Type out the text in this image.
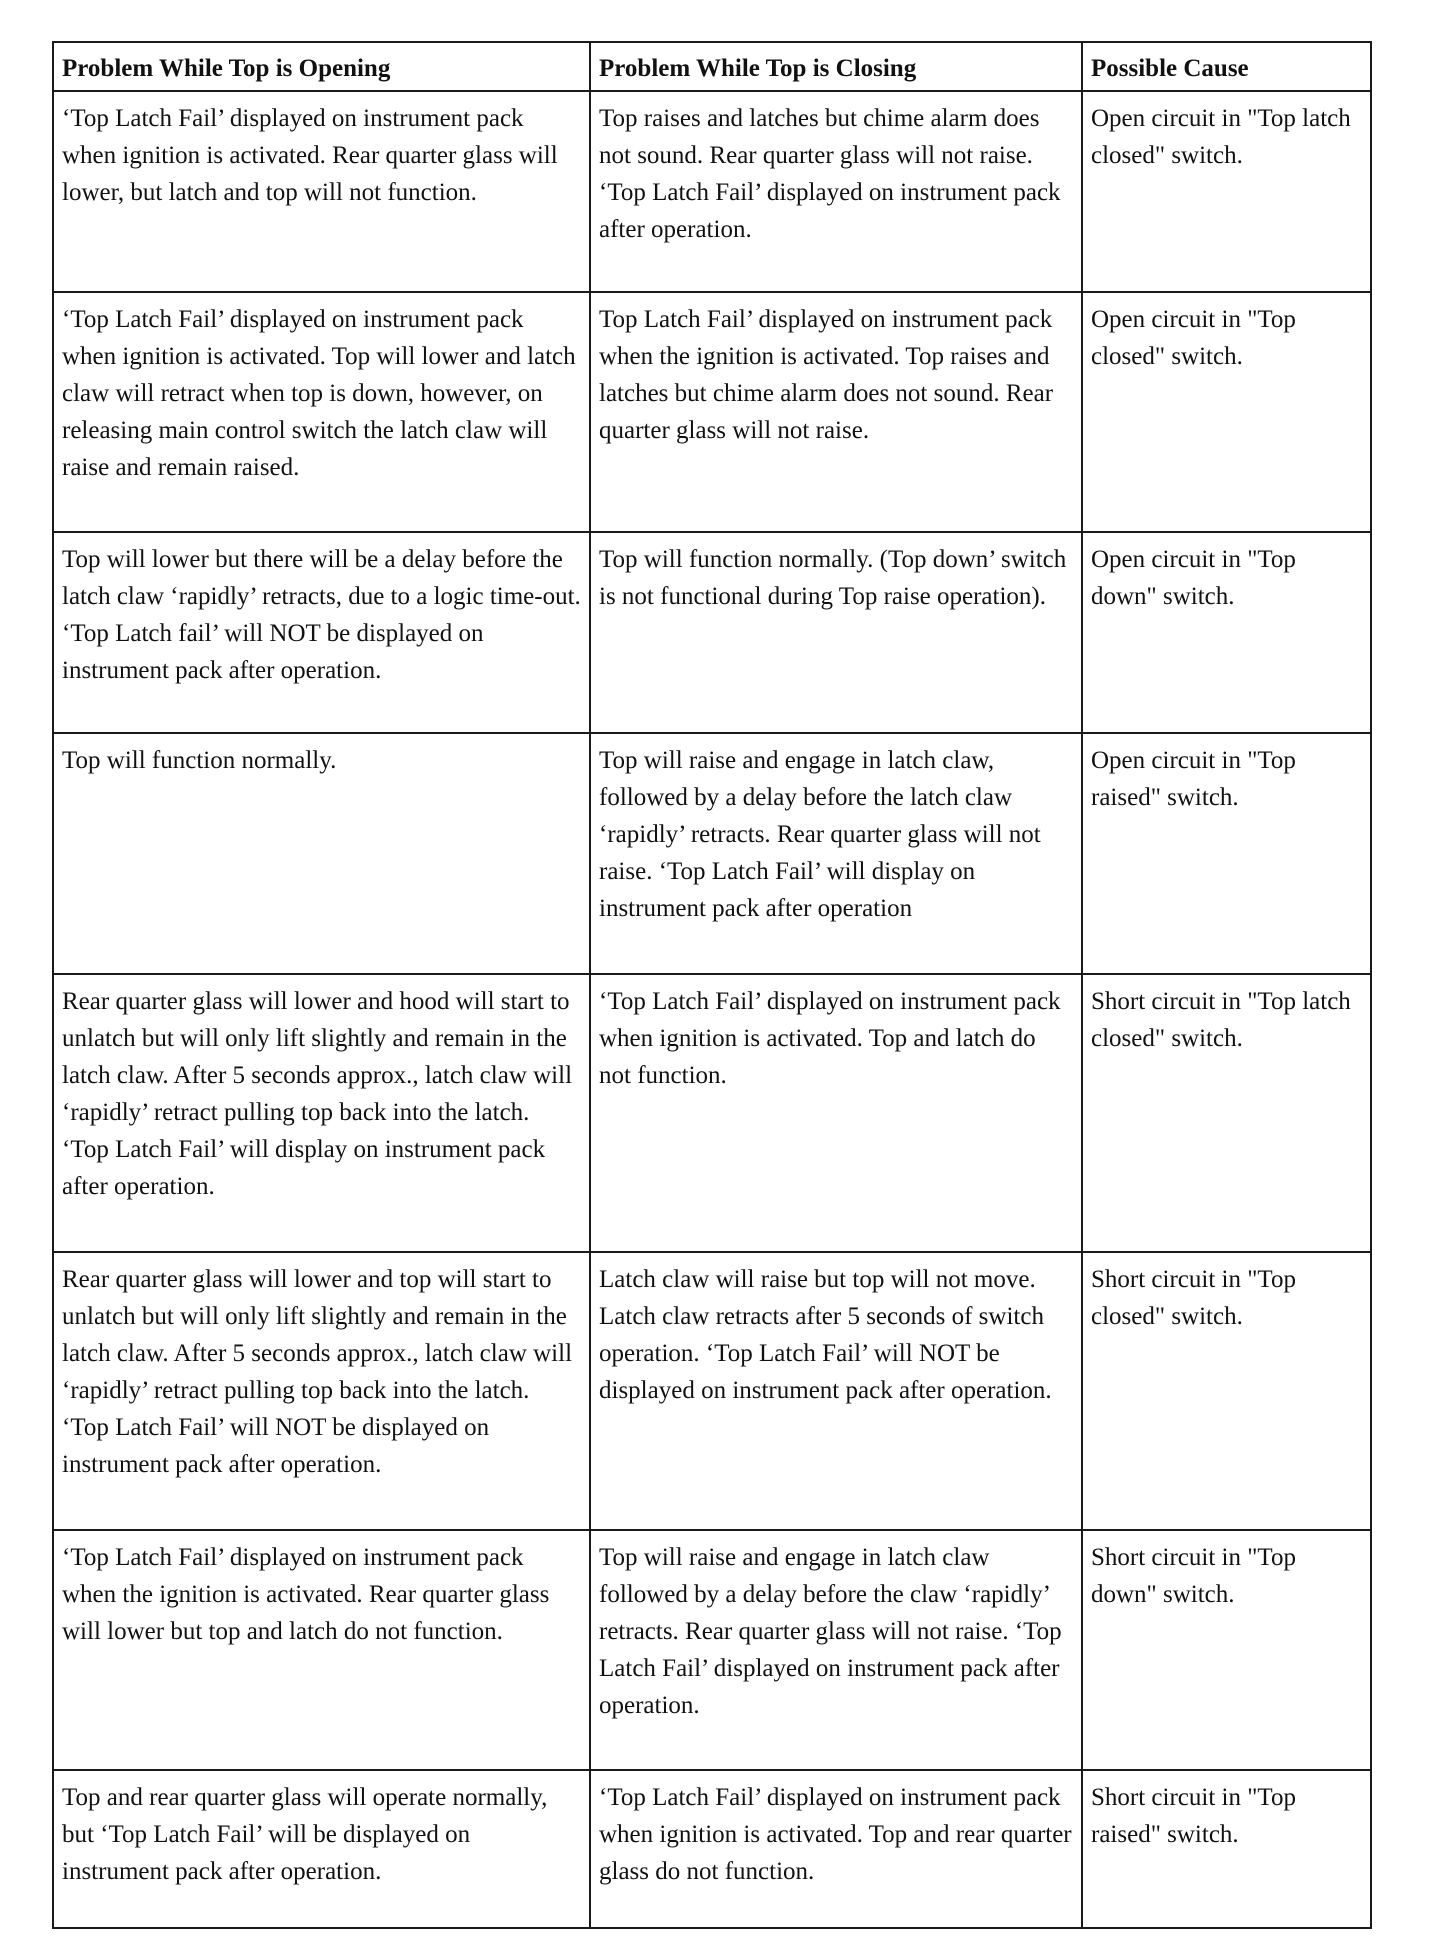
Problem While Top is Opening	Problem While Top is Closing	Possible Cause
‘Top Latch Fail’ displayed on instrument pack when ignition is activated. Rear quarter glass will lower, but latch and top will not function.	Top raises and latches but chime alarm does not sound. Rear quarter glass will not raise. ‘Top Latch Fail’ displayed on instrument pack after operation.	Open circuit in "Top latch closed" switch.
‘Top Latch Fail’ displayed on instrument pack when ignition is activated. Top will lower and latch claw will retract when top is down, however, on releasing main control switch the latch claw will raise and remain raised.	Top Latch Fail’ displayed on instrument pack when the ignition is activated. Top raises and latches but chime alarm does not sound. Rear quarter glass will not raise.	Open circuit in "Top closed" switch.
Top will lower but there will be a delay before the latch claw ‘rapidly’ retracts, due to a logic time-out. ‘Top Latch fail’ will NOT be displayed on instrument pack after operation.	Top will function normally. (Top down’ switch is not functional during Top raise operation).	Open circuit in "Top down" switch.
Top will function normally.	Top will raise and engage in latch claw, followed by a delay before the latch claw ‘rapidly’ retracts. Rear quarter glass will not raise. ‘Top Latch Fail’ will display on instrument pack after operation	Open circuit in "Top raised" switch.
Rear quarter glass will lower and hood will start to unlatch but will only lift slightly and remain in the latch claw. After 5 seconds approx., latch claw will ‘rapidly’ retract pulling top back into the latch. ‘Top Latch Fail’ will display on instrument pack after operation.	‘Top Latch Fail’ displayed on instrument pack when ignition is activated. Top and latch do not function.	Short circuit in "Top latch closed" switch.
Rear quarter glass will lower and top will start to unlatch but will only lift slightly and remain in the latch claw. After 5 seconds approx., latch claw will ‘rapidly’ retract pulling top back into the latch. ‘Top Latch Fail’ will NOT be displayed on instrument pack after operation.	Latch claw will raise but top will not move. Latch claw retracts after 5 seconds of switch operation. ‘Top Latch Fail’ will NOT be displayed on instrument pack after operation.	Short circuit in "Top closed" switch.
‘Top Latch Fail’ displayed on instrument pack when the ignition is activated. Rear quarter glass will lower but top and latch do not function.	Top will raise and engage in latch claw followed by a delay before the claw ‘rapidly’ retracts. Rear quarter glass will not raise. ‘Top Latch Fail’ displayed on instrument pack after operation.	Short circuit in "Top down" switch.
Top and rear quarter glass will operate normally, but ‘Top Latch Fail’ will be displayed on instrument pack after operation.	‘Top Latch Fail’ displayed on instrument pack when ignition is activated. Top and rear quarter glass do not function.	Short circuit in "Top raised" switch.
